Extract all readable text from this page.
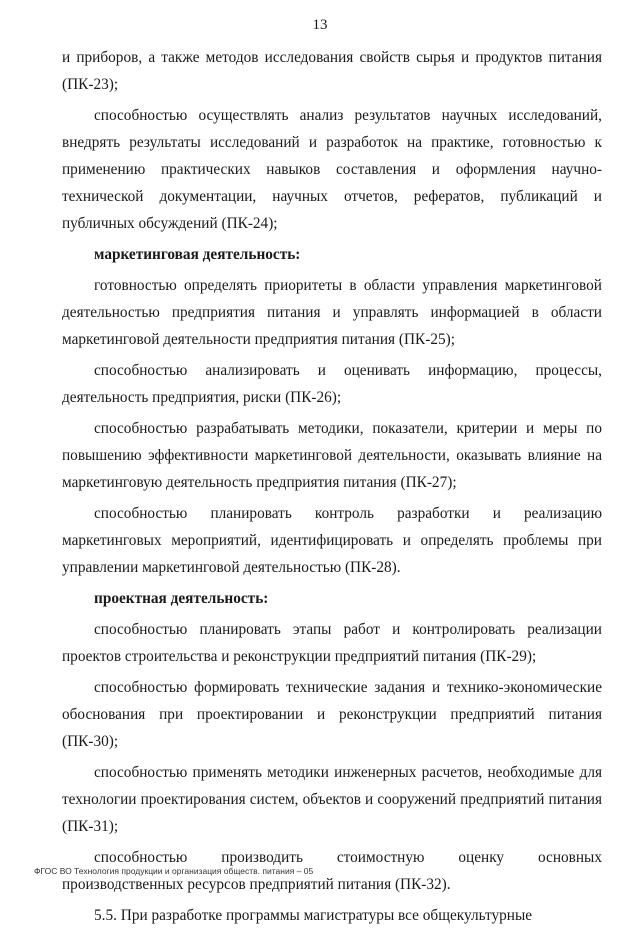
13

и приборов, а также методов исследования свойств сырья и продуктов питания (ПК-23);

способностью осуществлять анализ результатов научных исследований, внедрять результаты исследований и разработок на практике, готовностью к применению практических навыков составления и оформления научно-технической документации, научных отчетов, рефератов, публикаций и публичных обсуждений (ПК-24);

маркетинговая деятельность:

готовностью определять приоритеты в области управления маркетинговой деятельностью предприятия питания и управлять информацией в области маркетинговой деятельности предприятия питания (ПК-25);

способностью анализировать и оценивать информацию, процессы, деятельность предприятия, риски (ПК-26);

способностью разрабатывать методики, показатели, критерии и меры по повышению эффективности маркетинговой деятельности, оказывать влияние на маркетинговую деятельность предприятия питания (ПК-27);

способностью планировать контроль разработки и реализацию маркетинговых мероприятий, идентифицировать и определять проблемы при управлении маркетинговой деятельностью (ПК-28).

проектная деятельность:

способностью планировать этапы работ и контролировать реализации проектов строительства и реконструкции предприятий питания (ПК-29);

способностью формировать технические задания и технико-экономические обоснования при проектировании и реконструкции предприятий питания (ПК-30);

способностью применять методики инженерных расчетов, необходимые для технологии проектирования систем, объектов и сооружений предприятий питания (ПК-31);

способностью производить стоимостную оценку основных производственных ресурсов предприятий питания (ПК-32).

5.5. При разработке программы магистратуры все общекультурные

ФГОС ВО Технология продукции и организация обществ. питания – 05
